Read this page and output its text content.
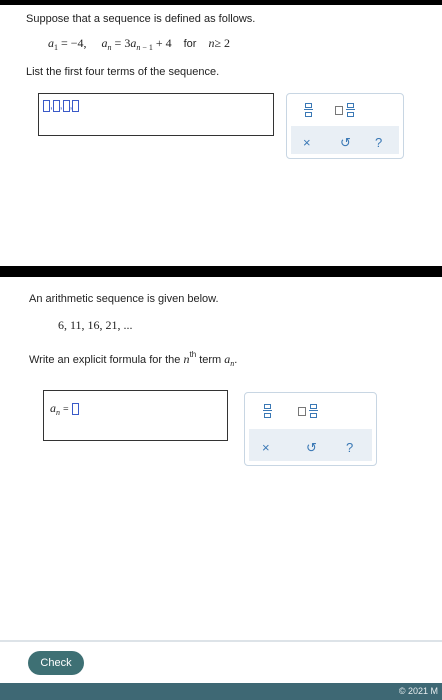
Suppose that a sequence is defined as follows.
$a_1 = -4$, $a_n = 3a_n$ $_{- 1}$ + 4 for n≥ 2
List the first four terms of the sequence.
, , ,
× ↺ ?
An arithmetic sequence is given below.
6, 11, 16, 21, ...
Write an explicit formula for the $n^{th}$ term $a_n$.
$a_n$ =
×	↺ ?
Check
© 2021 M
